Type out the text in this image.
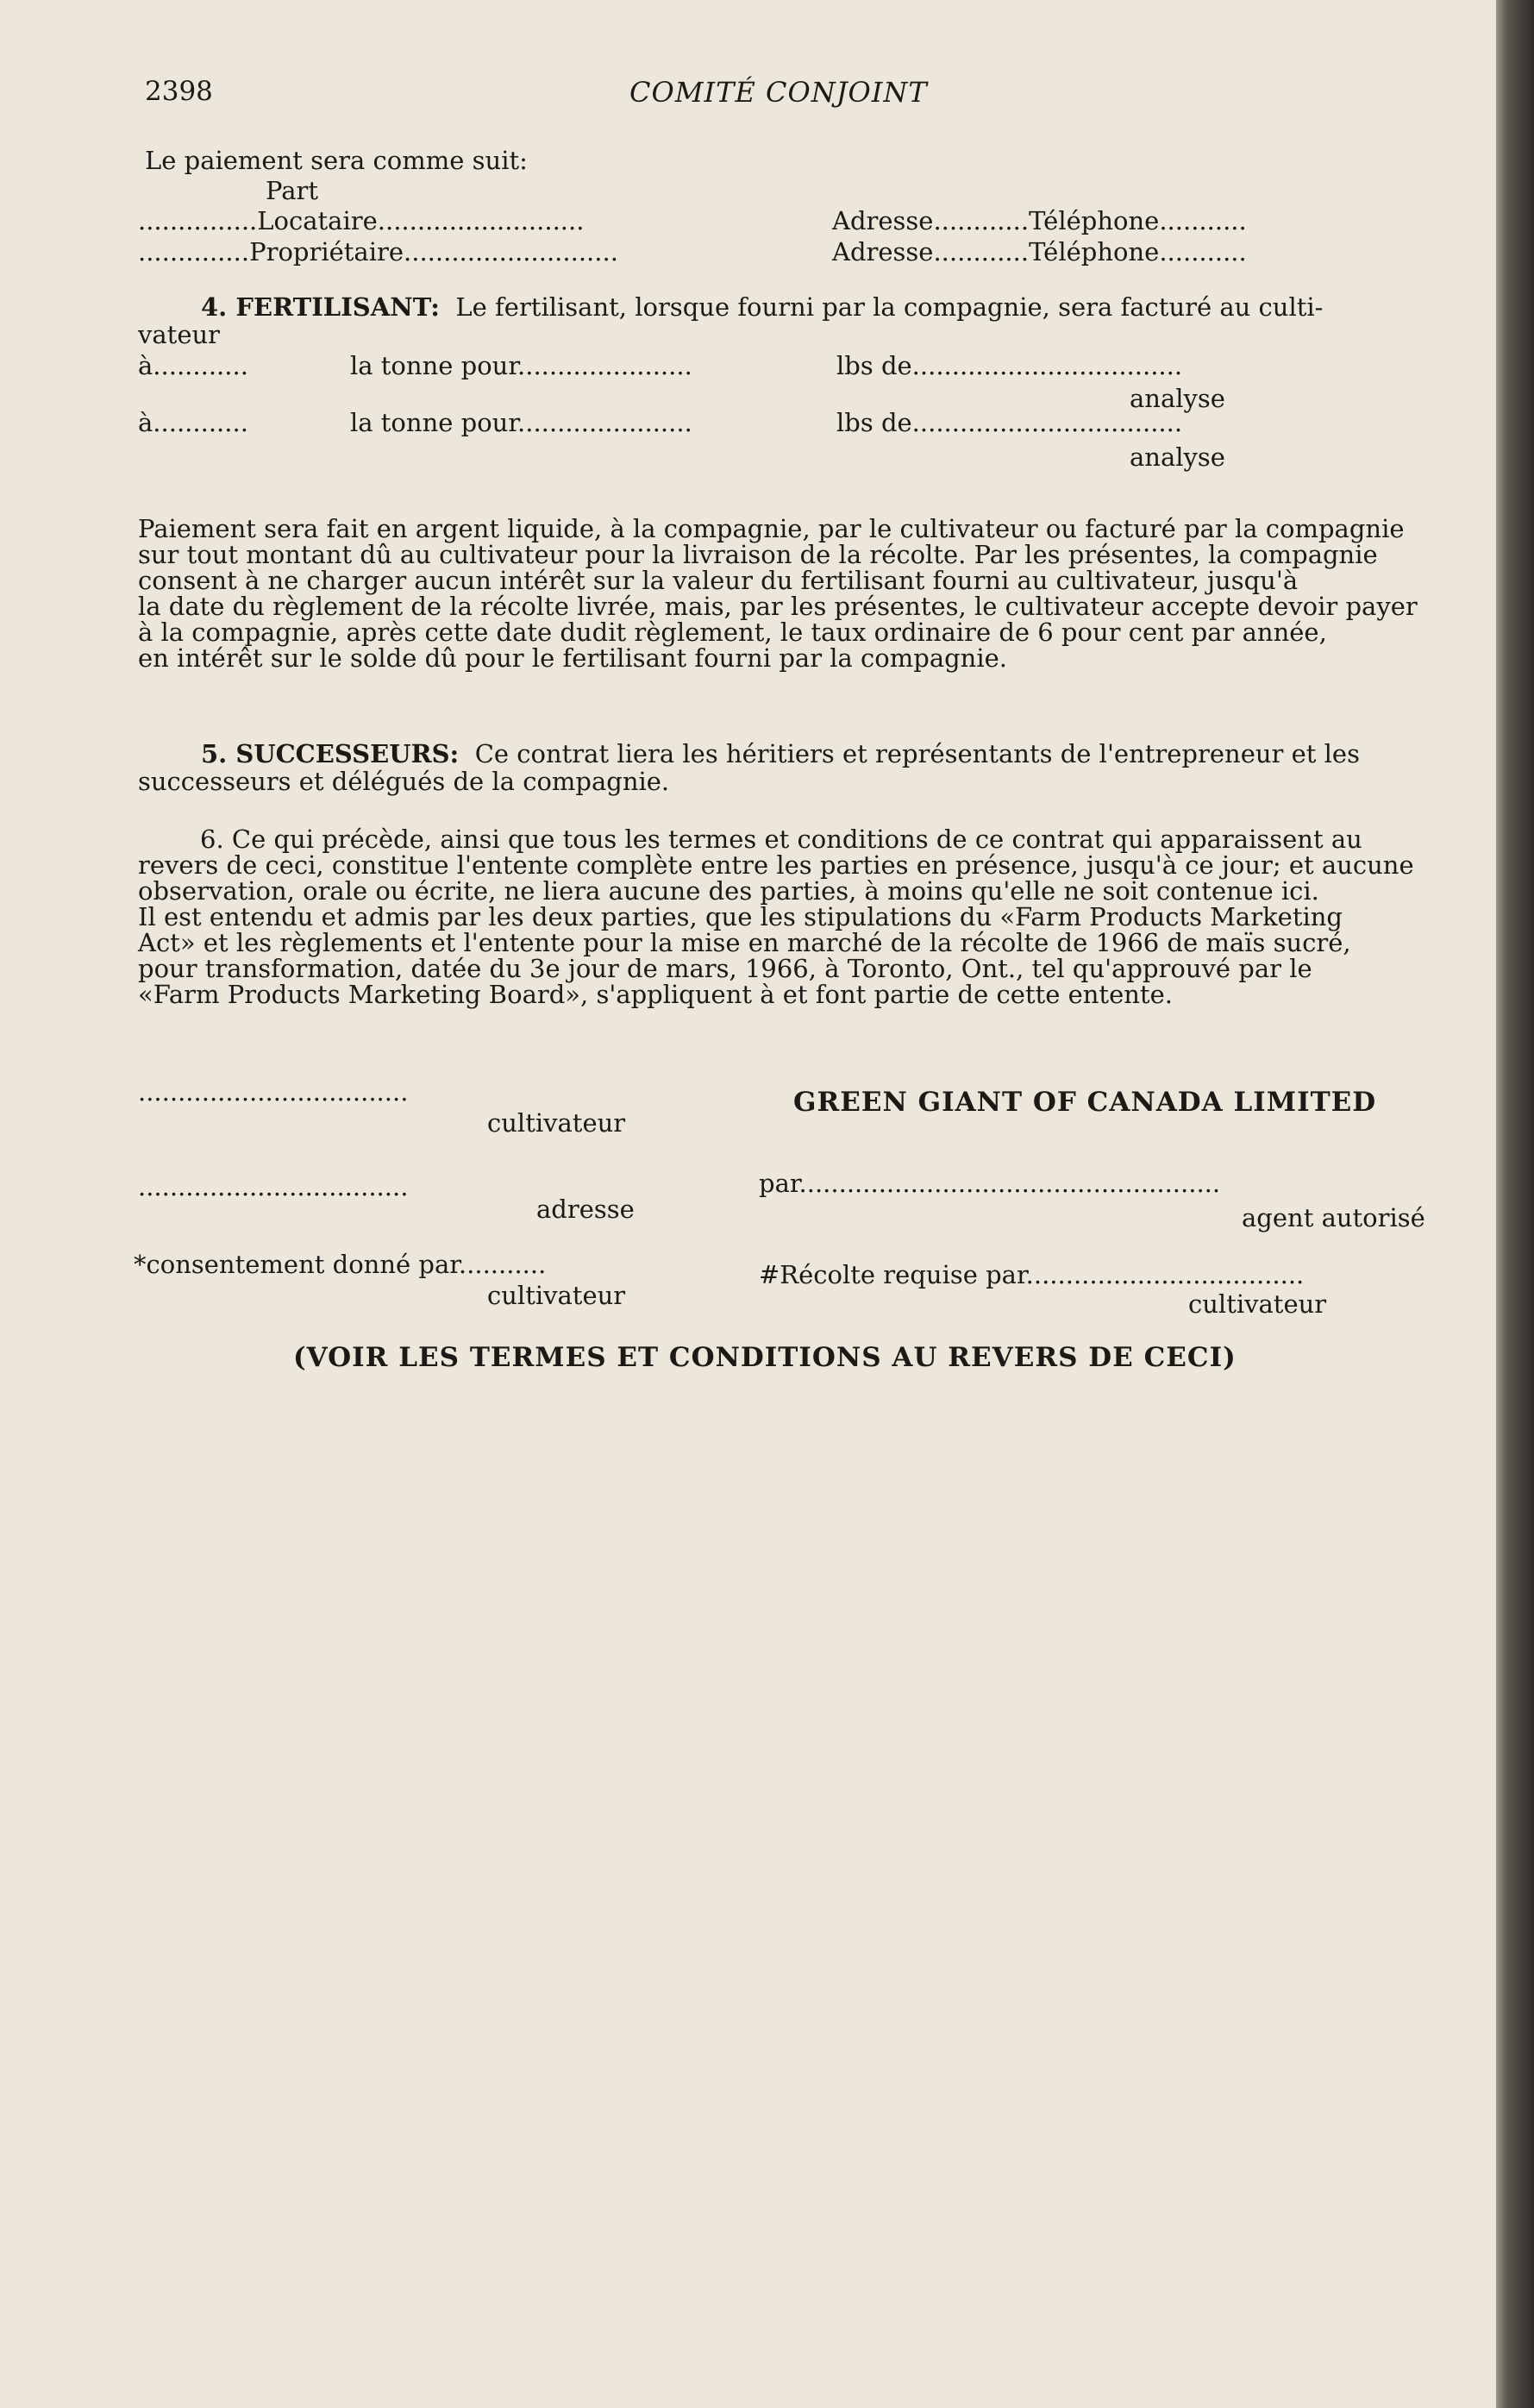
2398	COMITÉ CONJOINT
Le paiement sera comme suit:
Part
...............Locataire..........................	Adresse............Téléphone...........
..............Propriétaire...........................	Adresse............Téléphone...........
4. FERTILISANT: Le fertilisant, lorsque fourni par la compagnie, sera facturé au culti-
vateur
à............	la tonne pour......................	lbs de..................................
analyse
à............	la tonne pour......................	lbs de..................................
analyse
Paiement sera fait en argent liquide, à la compagnie, par le cultivateur ou facturé par la compagnie
sur tout montant dû au cultivateur pour la livraison de la récolte. Par les présentes, la compagnie
consent à ne charger aucun intérêt sur la valeur du fertilisant fourni au cultivateur, jusqu'à
la date du règlement de la récolte livrée, mais, par les présentes, le cultivateur accepte devoir payer
à la compagnie, après cette date dudit règlement, le taux ordinaire de 6 pour cent par année,
en intérêt sur le solde dû pour le fertilisant fourni par la compagnie.
5. SUCCESSEURS: Ce contrat liera les héritiers et représentants de l'entrepreneur et les
successeurs et délégués de la compagnie.
6. Ce qui précède, ainsi que tous les termes et conditions de ce contrat qui apparaissent au
revers de ceci, constitue l'entente complète entre les parties en présence, jusqu'à ce jour; et aucune
observation, orale ou écrite, ne liera aucune des parties, à moins qu'elle ne soit contenue ici.
Il est entendu et admis par les deux parties, que les stipulations du «Farm Products Marketing
Act» et les règlements et l'entente pour la mise en marché de la récolte de 1966 de maïs sucré,
pour transformation, datée du 3e jour de mars, 1966, à Toronto, Ont., tel qu'approuvé par le
«Farm Products Marketing Board», s'appliquent à et font partie de cette entente.
..................................
cultivateur
..................................
adresse
*consentement donné par...........
cultivateur
GREEN GIANT OF CANADA LIMITED
par.....................................................
agent autorisé
#Récolte requise par...................................
cultivateur
(VOIR LES TERMES ET CONDITIONS AU REVERS DE CECI)
